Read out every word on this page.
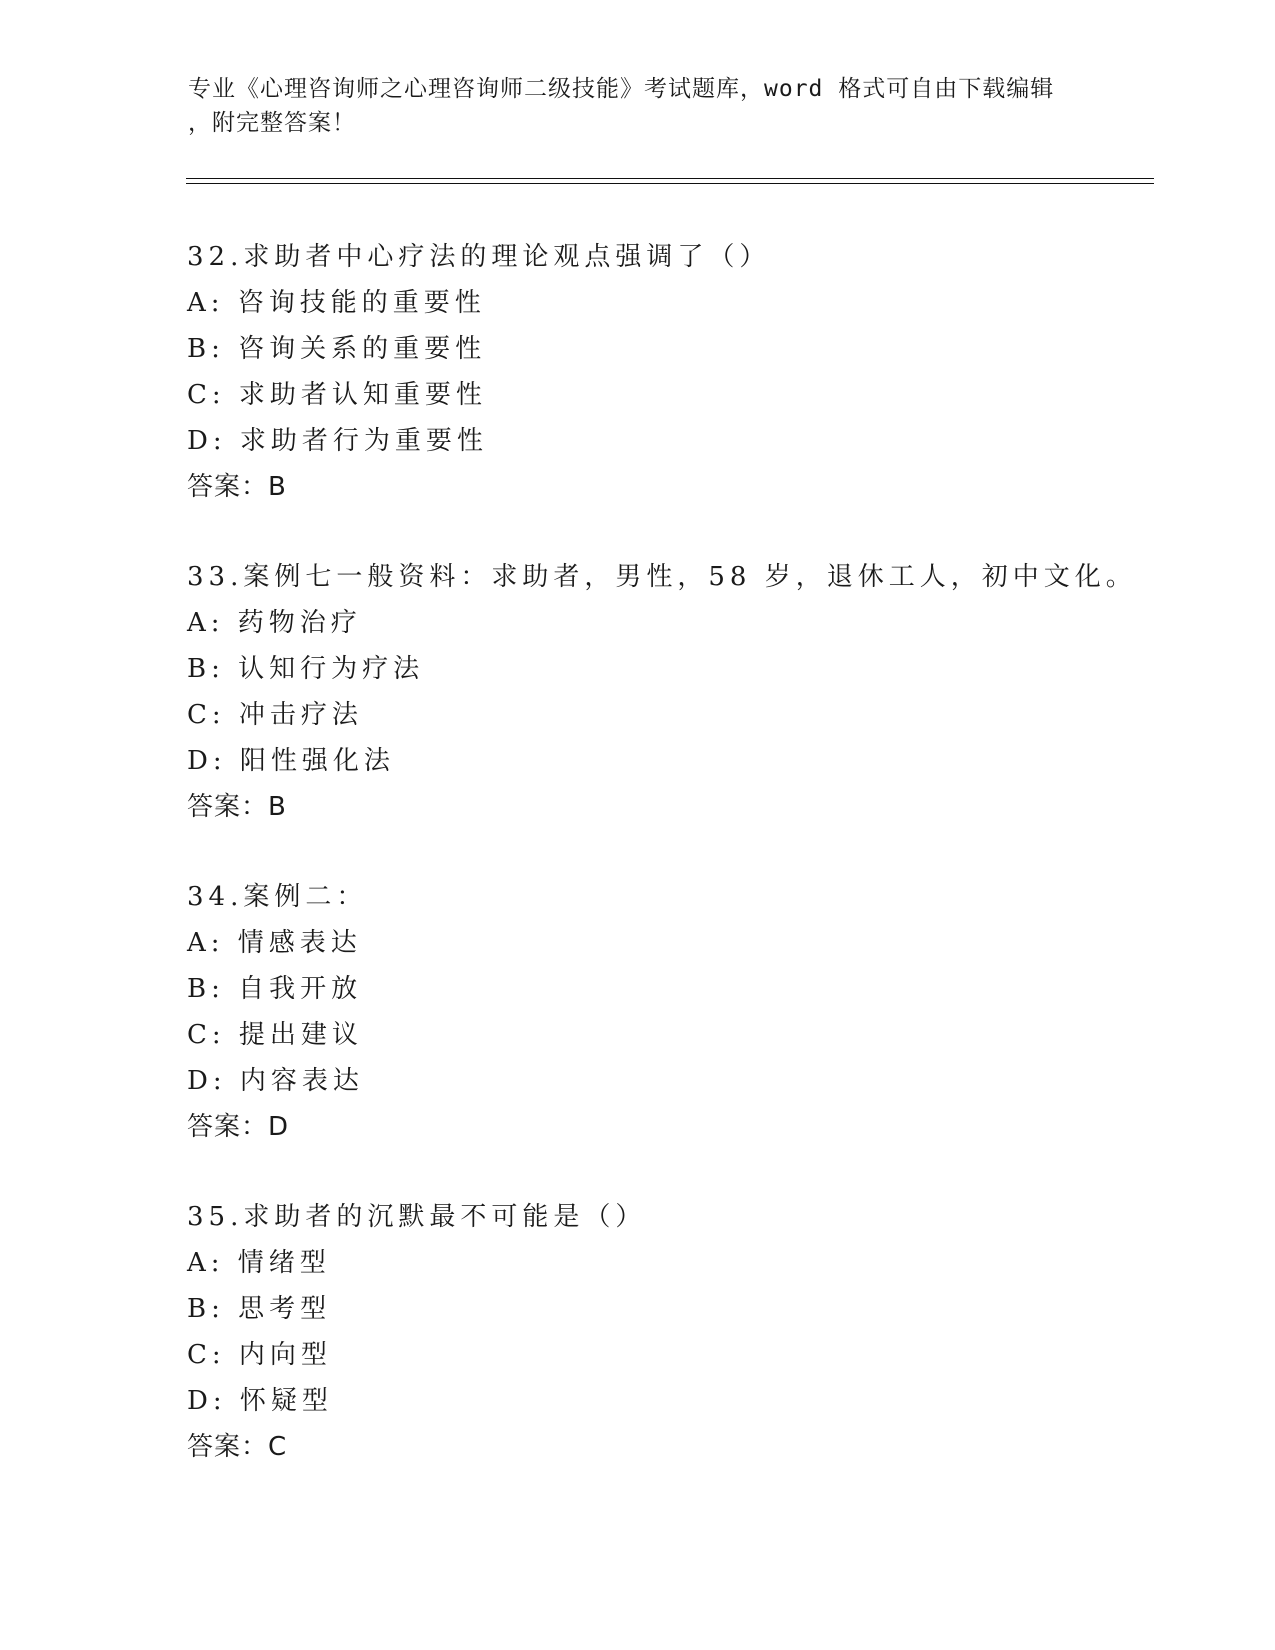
专业《心理咨询师之心理咨询师二级技能》考试题库，word 格式可自由下载编辑
，附完整答案！
32.求助者中心疗法的理论观点强调了（）
A: 咨询技能的重要性
B: 咨询关系的重要性
C: 求助者认知重要性
D: 求助者行为重要性
答案：B
33.案例七一般资料：求助者，男性，58 岁，退休工人，初中文化。
A: 药物治疗
B: 认知行为疗法
C: 冲击疗法
D: 阳性强化法
答案：B
34.案例二：
A: 情感表达
B: 自我开放
C: 提出建议
D: 内容表达
答案：D
35.求助者的沉默最不可能是（）
A: 情绪型
B: 思考型
C: 内向型
D: 怀疑型
答案：C
